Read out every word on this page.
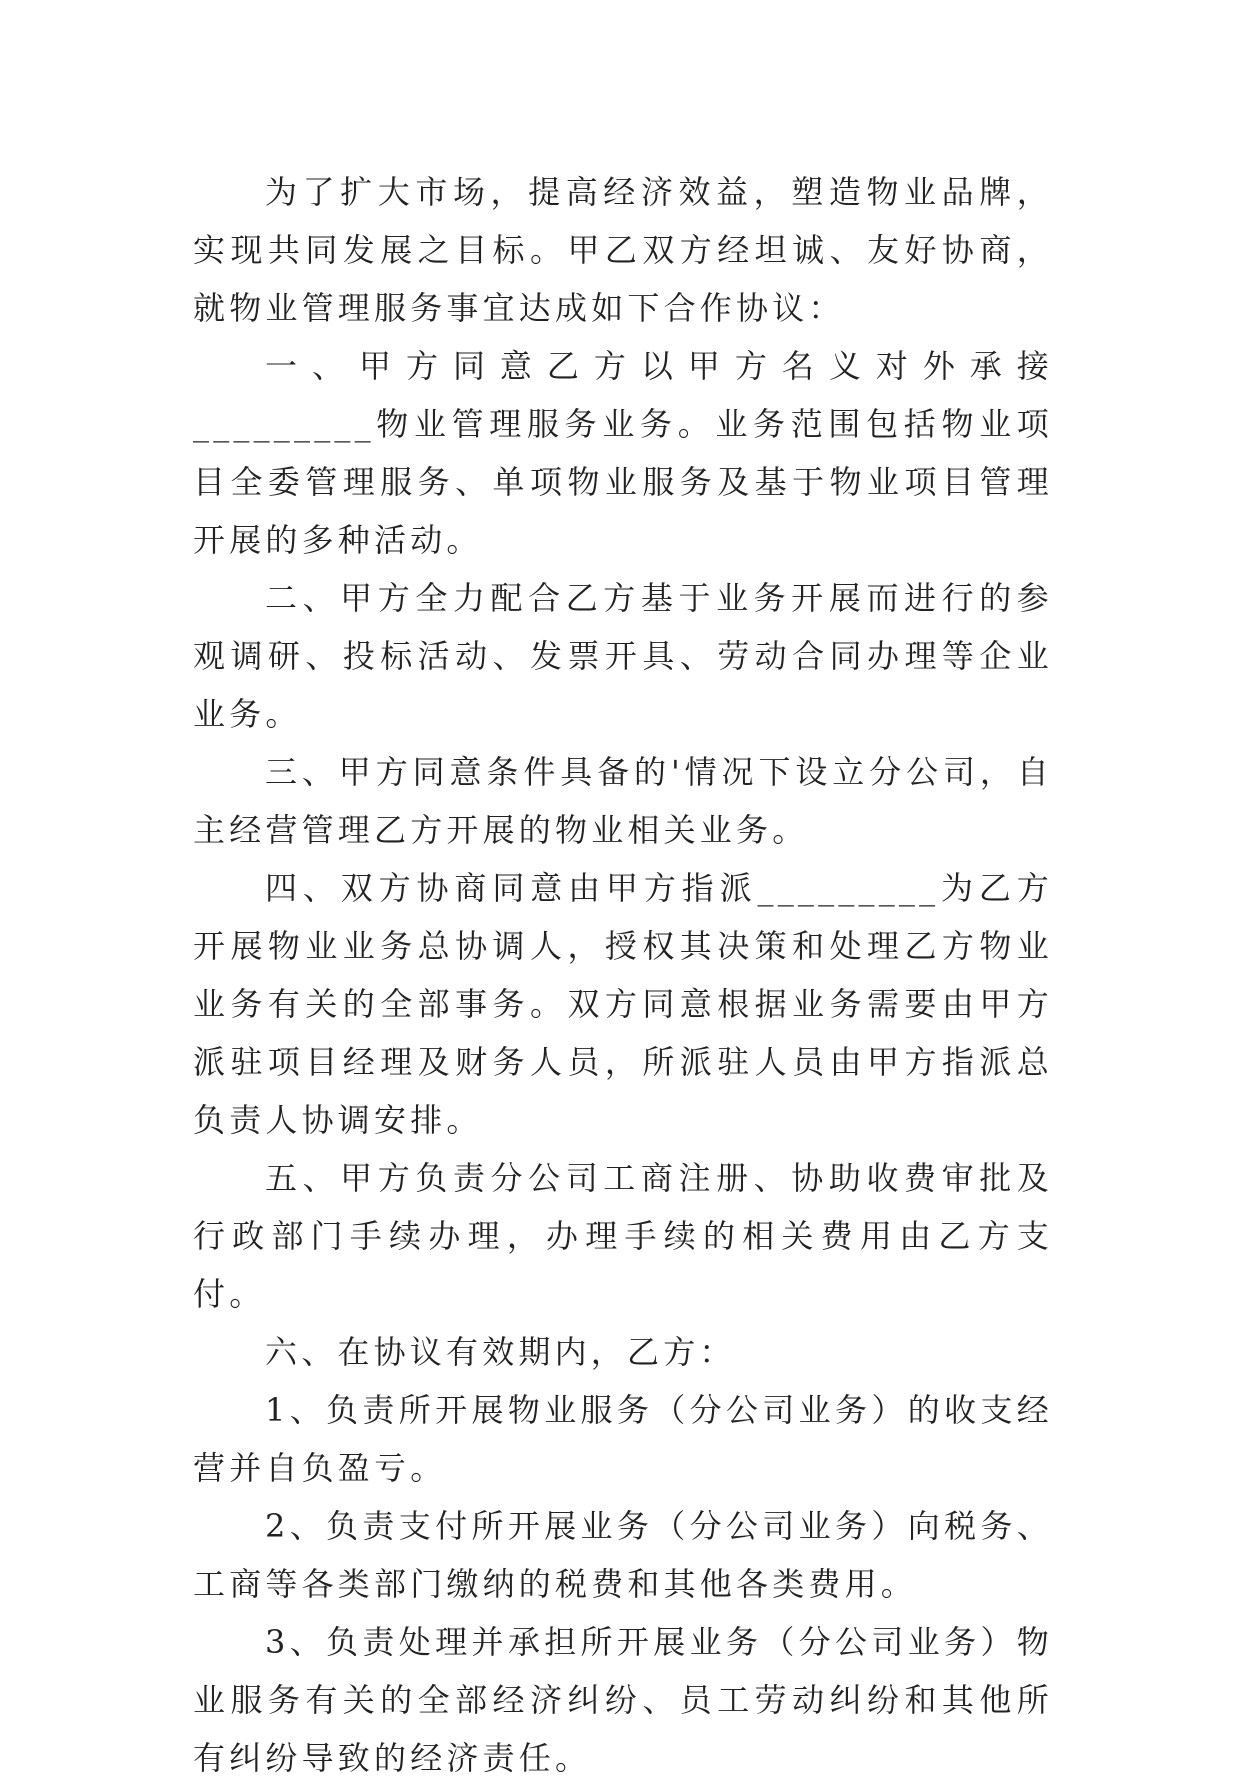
为了扩大市场，提高经济效益，塑造物业品牌，实现共同发展之目标。甲乙双方经坦诚、友好协商，就物业管理服务事宜达成如下合作协议：

一、甲方同意乙方以甲方名义对外承接_________物业管理服务业务。业务范围包括物业项目全委管理服务、单项物业服务及基于物业项目管理开展的多种活动。

二、甲方全力配合乙方基于业务开展而进行的参观调研、投标活动、发票开具、劳动合同办理等企业业务。

三、甲方同意条件具备的'情况下设立分公司，自主经营管理乙方开展的物业相关业务。

四、双方协商同意由甲方指派_________为乙方开展物业业务总协调人，授权其决策和处理乙方物业业务有关的全部事务。双方同意根据业务需要由甲方派驻项目经理及财务人员，所派驻人员由甲方指派总负责人协调安排。

五、甲方负责分公司工商注册、协助收费审批及行政部门手续办理，办理手续的相关费用由乙方支付。

六、在协议有效期内，乙方：

1、负责所开展物业服务（分公司业务）的收支经营并自负盈亏。

2、负责支付所开展业务（分公司业务）向税务、工商等各类部门缴纳的税费和其他各类费用。

3、负责处理并承担所开展业务（分公司业务）物业服务有关的全部经济纠纷、员工劳动纠纷和其他所有纠纷导致的经济责任。
